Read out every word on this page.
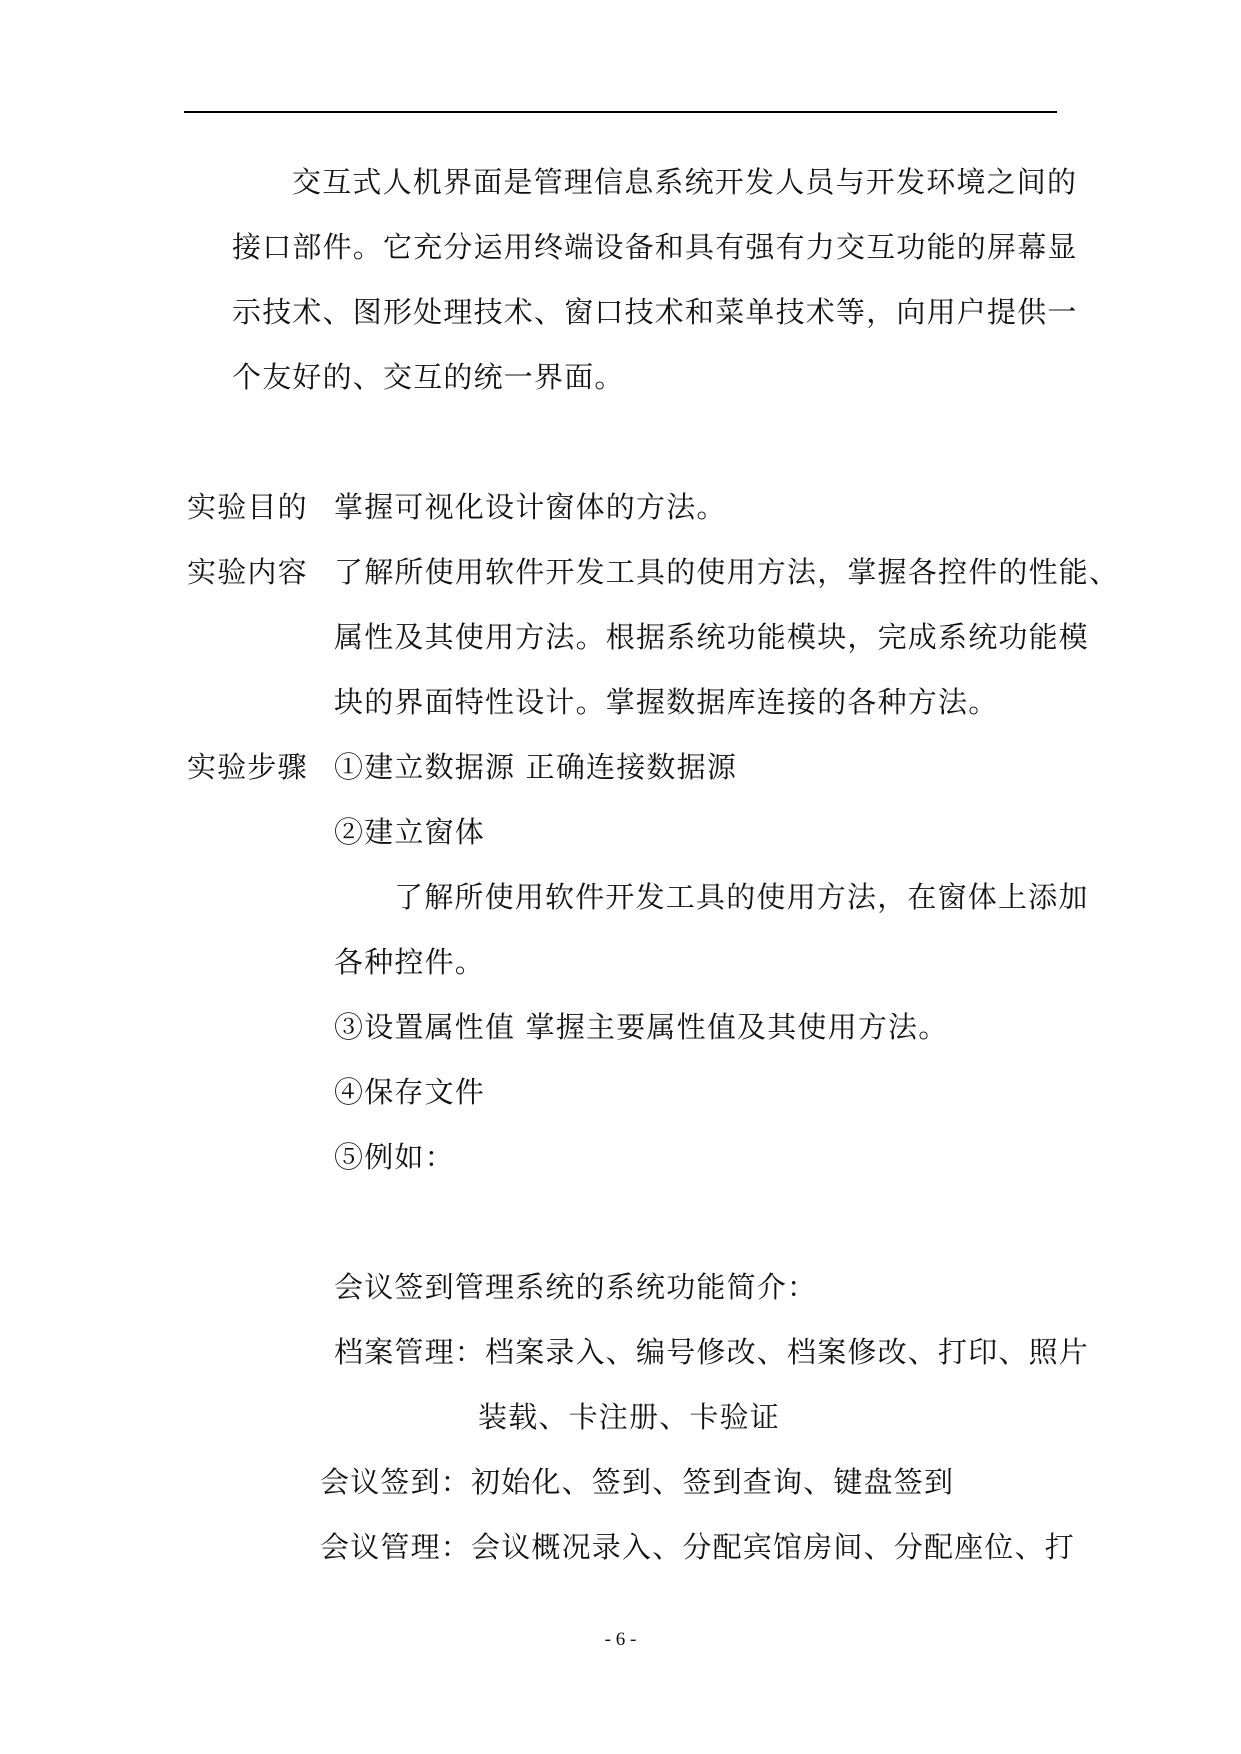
交互式人机界面是管理信息系统开发人员与开发环境之间的
接口部件。它充分运用终端设备和具有强有力交互功能的屏幕显
示技术、图形处理技术、窗口技术和菜单技术等，向用户提供一
个友好的、交互的统一界面。
实验目的 掌握可视化设计窗体的方法。
实验内容 了解所使用软件开发工具的使用方法，掌握各控件的性能、
属性及其使用方法。根据系统功能模块，完成系统功能模
块的界面特性设计。掌握数据库连接的各种方法。
实验步骤 ①建立数据源 正确连接数据源
②建立窗体
了解所使用软件开发工具的使用方法，在窗体上添加
各种控件。
③设置属性值 掌握主要属性值及其使用方法。
④保存文件
⑤例如：
会议签到管理系统的系统功能简介：
档案管理：档案录入、编号修改、档案修改、打印、照片
装载、卡注册、卡验证
会议签到：初始化、签到、签到查询、键盘签到
会议管理：会议概况录入、分配宾馆房间、分配座位、打
- 6 -
